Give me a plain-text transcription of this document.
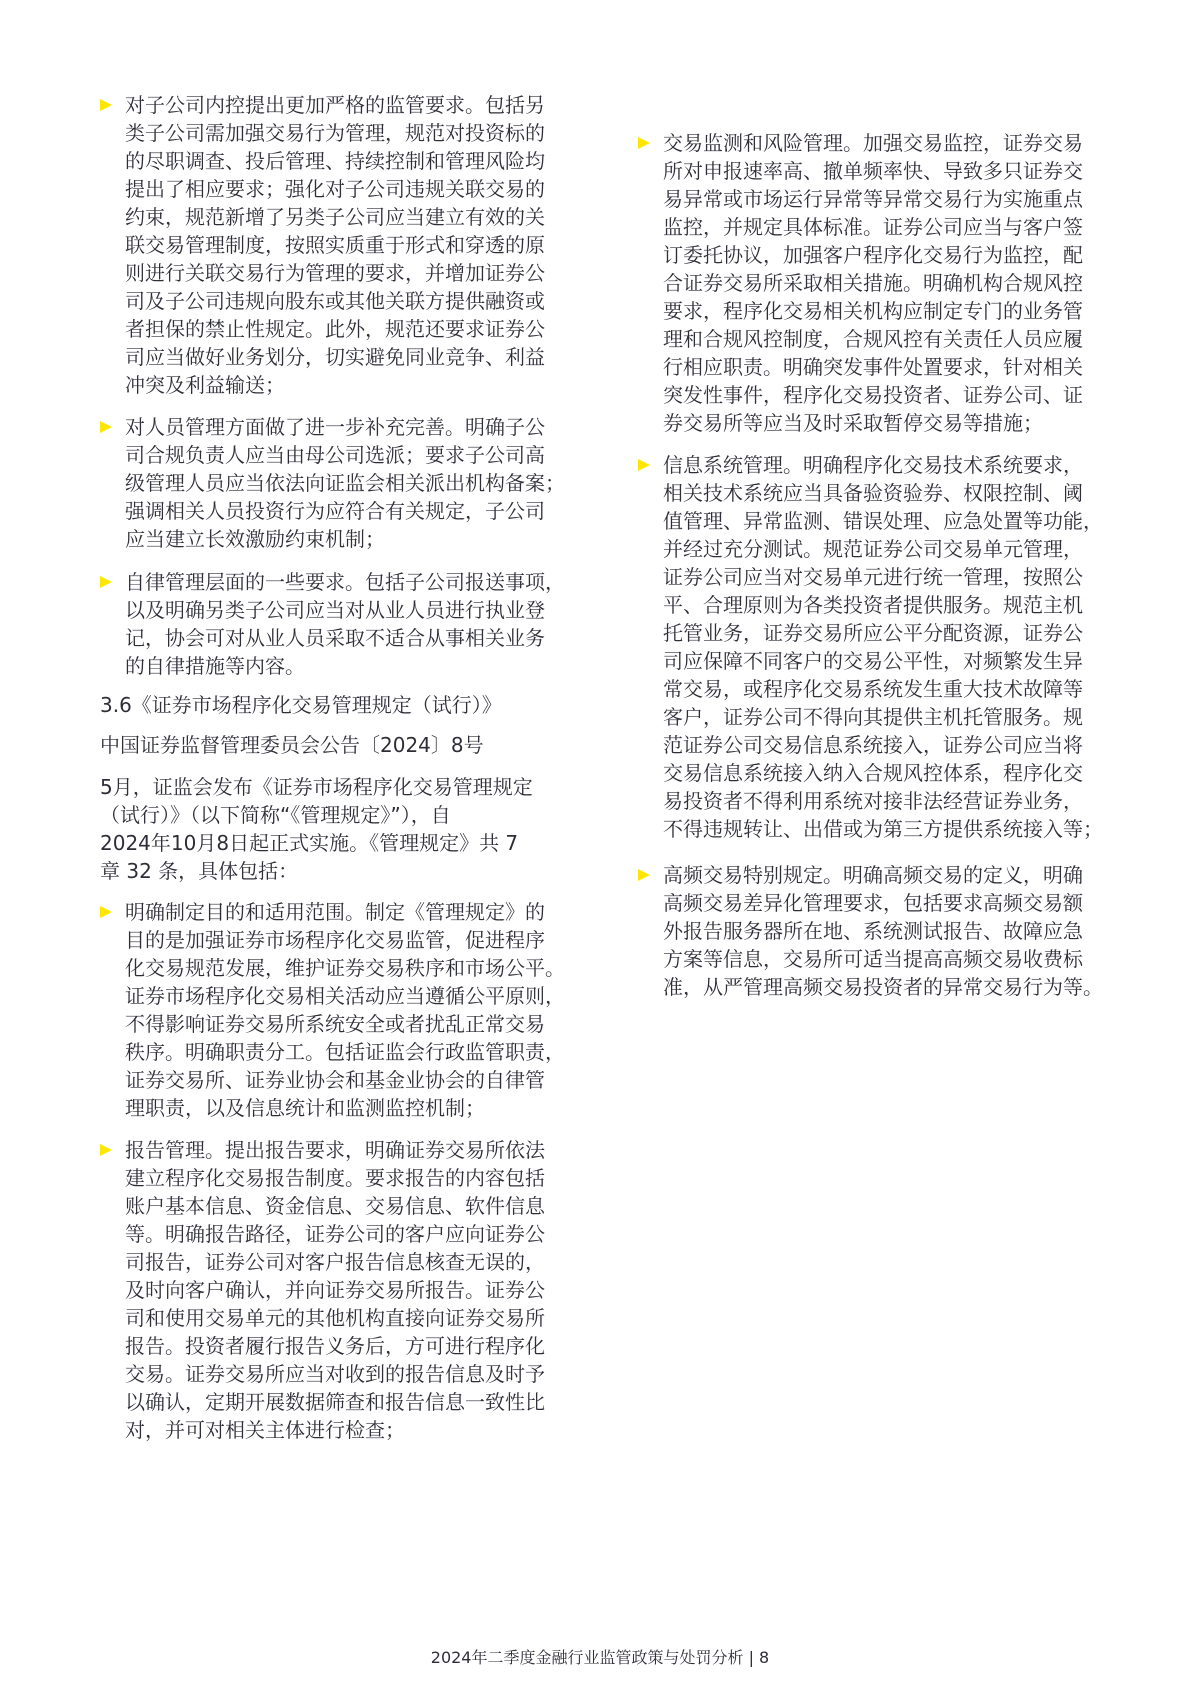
对子公司内控提出更加严格的监管要求。包括另
类子公司需加强交易行为管理，规范对投资标的
的尽职调查、投后管理、持续控制和管理风险均
提出了相应要求；强化对子公司违规关联交易的
约束，规范新增了另类子公司应当建立有效的关
联交易管理制度，按照实质重于形式和穿透的原
则进行关联交易行为管理的要求，并增加证券公
司及子公司违规向股东或其他关联方提供融资或
者担保的禁止性规定。此外，规范还要求证券公
司应当做好业务划分，切实避免同业竞争、利益
冲突及利益输送；
对人员管理方面做了进一步补充完善。明确子公
司合规负责人应当由母公司选派；要求子公司高
级管理人员应当依法向证监会相关派出机构备案；
强调相关人员投资行为应符合有关规定，子公司
应当建立长效激励约束机制；
自律管理层面的一些要求。包括子公司报送事项，
以及明确另类子公司应当对从业人员进行执业登
记，协会可对从业人员采取不适合从事相关业务
的自律措施等内容。
3.6《证券市场程序化交易管理规定（试行）》
中国证券监督管理委员会公告〔2024〕8号
5月，证监会发布《证券市场程序化交易管理规定
（试行）》（以下简称“《管理规定》”），自
2024年10月8日起正式实施。《管理规定》共 7
章 32 条，具体包括：
明确制定目的和适用范围。制定《管理规定》的
目的是加强证券市场程序化交易监管，促进程序
化交易规范发展，维护证券交易秩序和市场公平。
证券市场程序化交易相关活动应当遵循公平原则，
不得影响证券交易所系统安全或者扰乱正常交易
秩序。明确职责分工。包括证监会行政监管职责，
证券交易所、证券业协会和基金业协会的自律管
理职责，以及信息统计和监测监控机制；
报告管理。提出报告要求，明确证券交易所依法
建立程序化交易报告制度。要求报告的内容包括
账户基本信息、资金信息、交易信息、软件信息
等。明确报告路径，证券公司的客户应向证券公
司报告，证券公司对客户报告信息核查无误的，
及时向客户确认，并向证券交易所报告。证券公
司和使用交易单元的其他机构直接向证券交易所
报告。投资者履行报告义务后，方可进行程序化
交易。证券交易所应当对收到的报告信息及时予
以确认，定期开展数据筛查和报告信息一致性比
对，并可对相关主体进行检查；
交易监测和风险管理。加强交易监控，证券交易
所对申报速率高、撤单频率快、导致多只证券交
易异常或市场运行异常等异常交易行为实施重点
监控，并规定具体标准。证券公司应当与客户签
订委托协议，加强客户程序化交易行为监控，配
合证券交易所采取相关措施。明确机构合规风控
要求，程序化交易相关机构应制定专门的业务管
理和合规风控制度，合规风控有关责任人员应履
行相应职责。明确突发事件处置要求，针对相关
突发性事件，程序化交易投资者、证券公司、证
券交易所等应当及时采取暂停交易等措施；
信息系统管理。明确程序化交易技术系统要求，
相关技术系统应当具备验资验券、权限控制、阈
值管理、异常监测、错误处理、应急处置等功能，
并经过充分测试。规范证券公司交易单元管理，
证券公司应当对交易单元进行统一管理，按照公
平、合理原则为各类投资者提供服务。规范主机
托管业务，证券交易所应公平分配资源，证券公
司应保障不同客户的交易公平性，对频繁发生异
常交易，或程序化交易系统发生重大技术故障等
客户，证券公司不得向其提供主机托管服务。规
范证券公司交易信息系统接入，证券公司应当将
交易信息系统接入纳入合规风控体系，程序化交
易投资者不得利用系统对接非法经营证券业务，
不得违规转让、出借或为第三方提供系统接入等；
高频交易特别规定。明确高频交易的定义，明确
高频交易差异化管理要求，包括要求高频交易额
外报告服务器所在地、系统测试报告、故障应急
方案等信息，交易所可适当提高高频交易收费标
准，从严管理高频交易投资者的异常交易行为等。
2024年二季度金融行业监管政策与处罚分析 | 8
